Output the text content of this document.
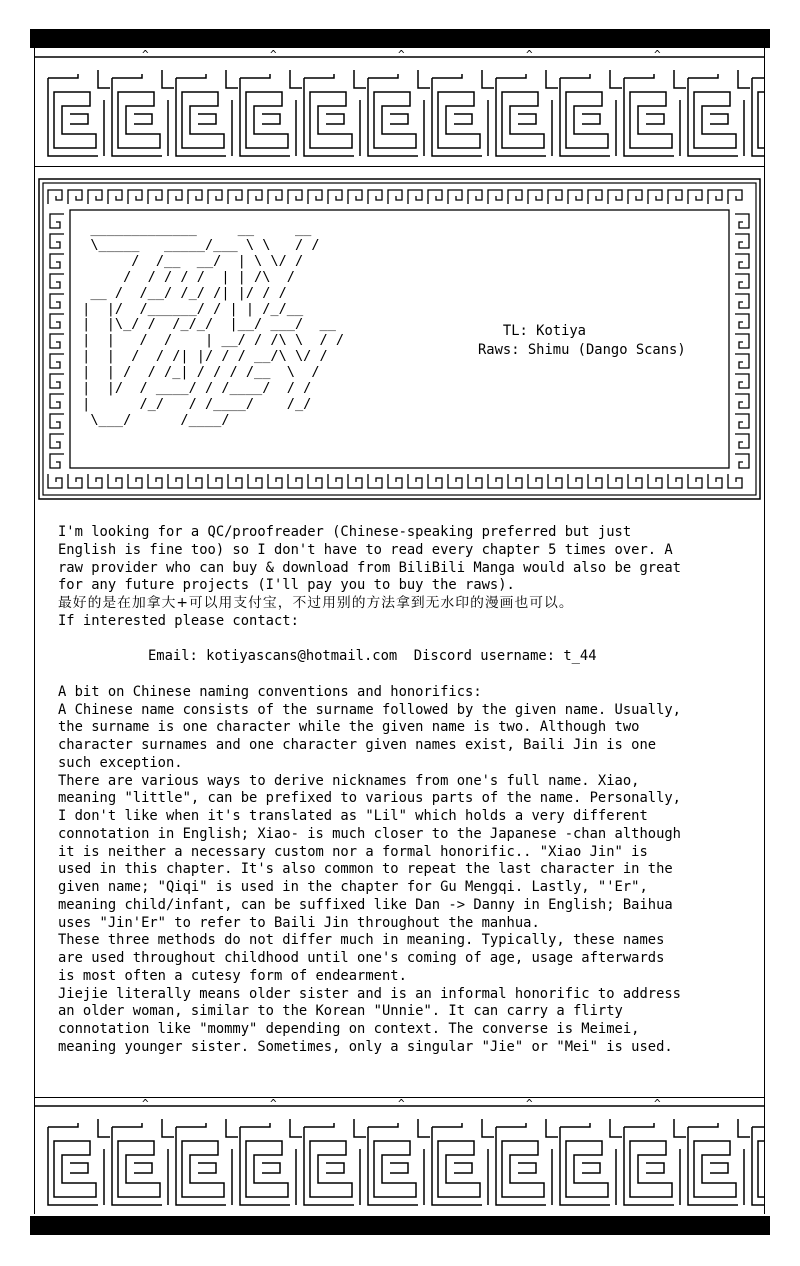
^	^	^	^	^
^	^	^	^	^
_____________     __     __
\_____   _____/___ \ \   / /
/  /__  __/  | \ \/ /
/  / / / /  | | /\  /
__ /  /__/ /_/ /| |/ / /
|  |/  /______/ / | | /_/__
|  |\_/ /  /_/_/  |__/ ___/  __
|  |   /  /    | __/ / /\ \  / /
|  |  /  / /| |/ / / __/\ \/ /
|  | /  / /_| / / / /__  \  /
|  |/  / ____/ / /____/  / /
|      /_/   / /____/    /_/
\___/      /____/
TL: Kotiya
Raws: Shimu (Dango Scans)

I'm looking for a QC/proofreader (Chinese-speaking preferred but just

English is fine too) so I don't have to read every chapter 5 times over. A

raw provider who can buy & download from BiliBili Manga would also be great

for any future projects (I'll pay you to buy the raws).

最好的是在加拿大+可以用支付宝，不过用别的方法拿到无水印的漫画也可以。

If interested please contact:

Email: kotiyascans@hotmail.com  Discord username: t_44

A bit on Chinese naming conventions and honorifics:

A Chinese name consists of the surname followed by the given name. Usually,

the surname is one character while the given name is two. Although two

character surnames and one character given names exist, Baili Jin is one

such exception.

There are various ways to derive nicknames from one's full name. Xiao,

meaning "little", can be prefixed to various parts of the name. Personally,

I don't like when it's translated as "Lil" which holds a very different

connotation in English; Xiao- is much closer to the Japanese -chan although

it is neither a necessary custom nor a formal honorific.. "Xiao Jin" is

used in this chapter. It's also common to repeat the last character in the

given name; "Qiqi" is used in the chapter for Gu Mengqi. Lastly, "'Er",

meaning child/infant, can be suffixed like Dan -> Danny in English; Baihua

uses "Jin'Er" to refer to Baili Jin throughout the manhua.

These three methods do not differ much in meaning. Typically, these names

are used throughout childhood until one's coming of age, usage afterwards

is most often a cutesy form of endearment.

Jiejie literally means older sister and is an informal honorific to address

an older woman, similar to the Korean "Unnie". It can carry a flirty

connotation like "mommy" depending on context. The converse is Meimei,

meaning younger sister. Sometimes, only a singular "Jie" or "Mei" is used.
